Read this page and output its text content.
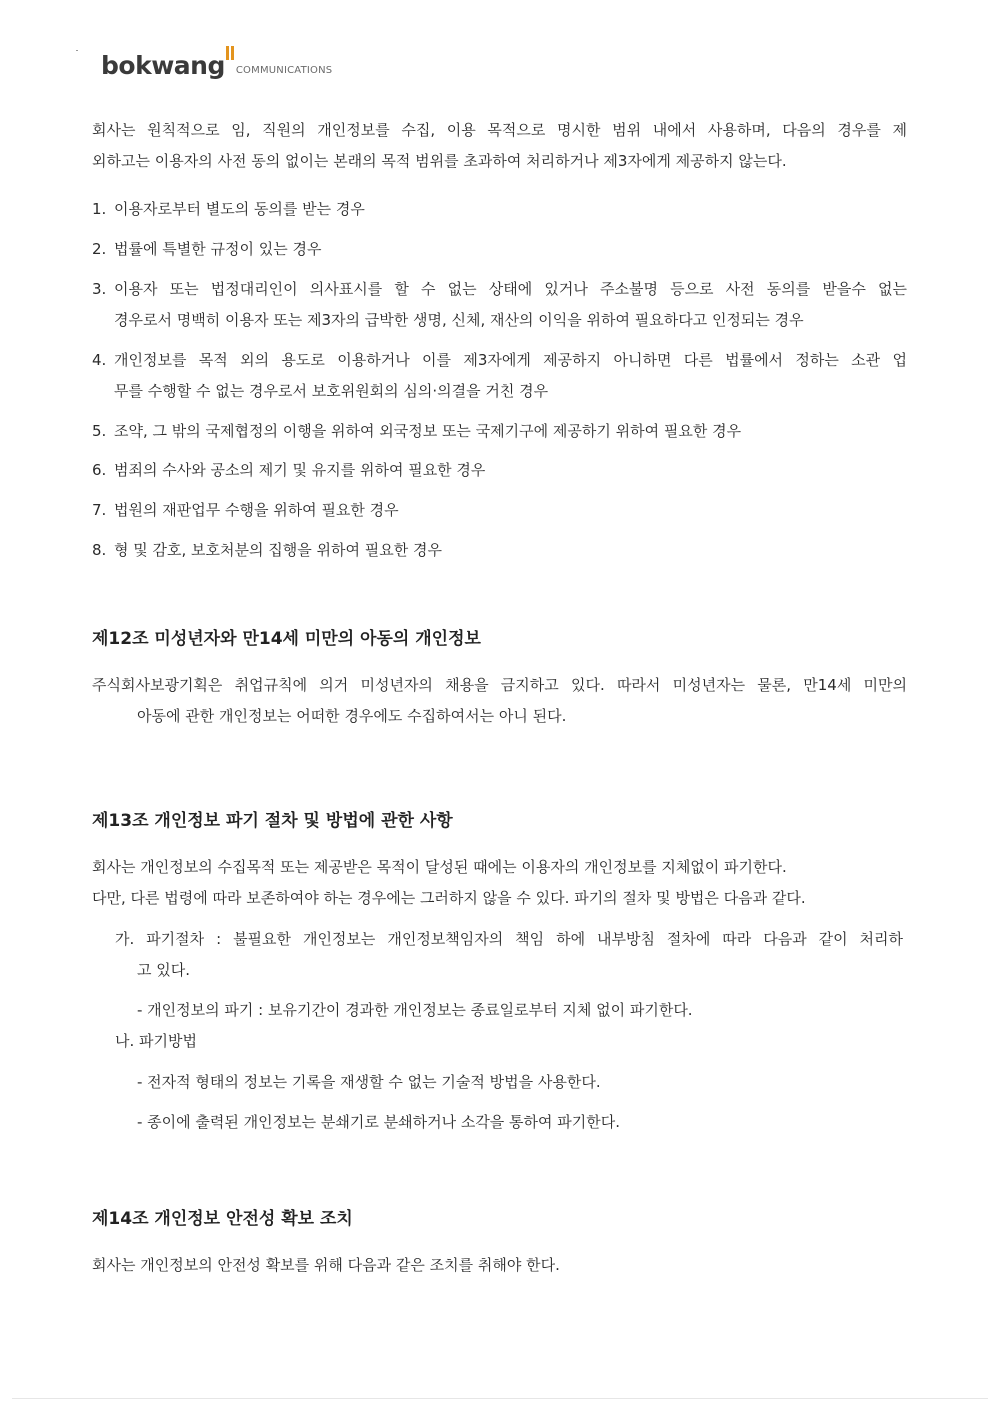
bokwang COMMUNICATIONS
회사는 원칙적으로 임, 직원의 개인정보를 수집, 이용 목적으로 명시한 범위 내에서 사용하며, 다음의 경우를 제
외하고는 이용자의 사전 동의 없이는 본래의 목적 범위를 초과하여 처리하거나 제3자에게 제공하지 않는다.
1. 이용자로부터 별도의 동의를 받는 경우
2. 법률에 특별한 규정이 있는 경우
3. 이용자 또는 법정대리인이 의사표시를 할 수 없는 상태에 있거나 주소불명 등으로 사전 동의를 받을수 없는
경우로서 명백히 이용자 또는 제3자의 급박한 생명, 신체, 재산의 이익을 위하여 필요하다고 인정되는 경우
4. 개인정보를 목적 외의 용도로 이용하거나 이를 제3자에게 제공하지 아니하면 다른 법률에서 정하는 소관 업
무를 수행할 수 없는 경우로서 보호위원회의 심의·의결을 거친 경우
5. 조약, 그 밖의 국제협정의 이행을 위하여 외국정보 또는 국제기구에 제공하기 위하여 필요한 경우
6. 범죄의 수사와 공소의 제기 및 유지를 위하여 필요한 경우
7. 법원의 재판업무 수행을 위하여 필요한 경우
8. 형 및 감호, 보호처분의 집행을 위하여 필요한 경우
제12조 미성년자와 만14세 미만의 아동의 개인정보
주식회사보광기획은 취업규칙에 의거 미성년자의 채용을 금지하고 있다. 따라서 미성년자는 물론, 만14세 미만의
아동에 관한 개인정보는 어떠한 경우에도 수집하여서는 아니 된다.
제13조 개인정보 파기 절차 및 방법에 관한 사항
회사는 개인정보의 수집목적 또는 제공받은 목적이 달성된 때에는 이용자의 개인정보를 지체없이 파기한다.
다만, 다른 법령에 따라 보존하여야 하는 경우에는 그러하지 않을 수 있다. 파기의 절차 및 방법은 다음과 같다.
가. 파기절차 : 불필요한 개인정보는 개인정보책임자의 책임 하에 내부방침 절차에 따라 다음과 같이 처리하
고 있다.
- 개인정보의 파기 : 보유기간이 경과한 개인정보는 종료일로부터 지체 없이 파기한다.
나. 파기방법
- 전자적 형태의 정보는 기록을 재생할 수 없는 기술적 방법을 사용한다.
- 종이에 출력된 개인정보는 분쇄기로 분쇄하거나 소각을 통하여 파기한다.
제14조 개인정보 안전성 확보 조치
회사는 개인정보의 안전성 확보를 위해 다음과 같은 조치를 취해야 한다.
